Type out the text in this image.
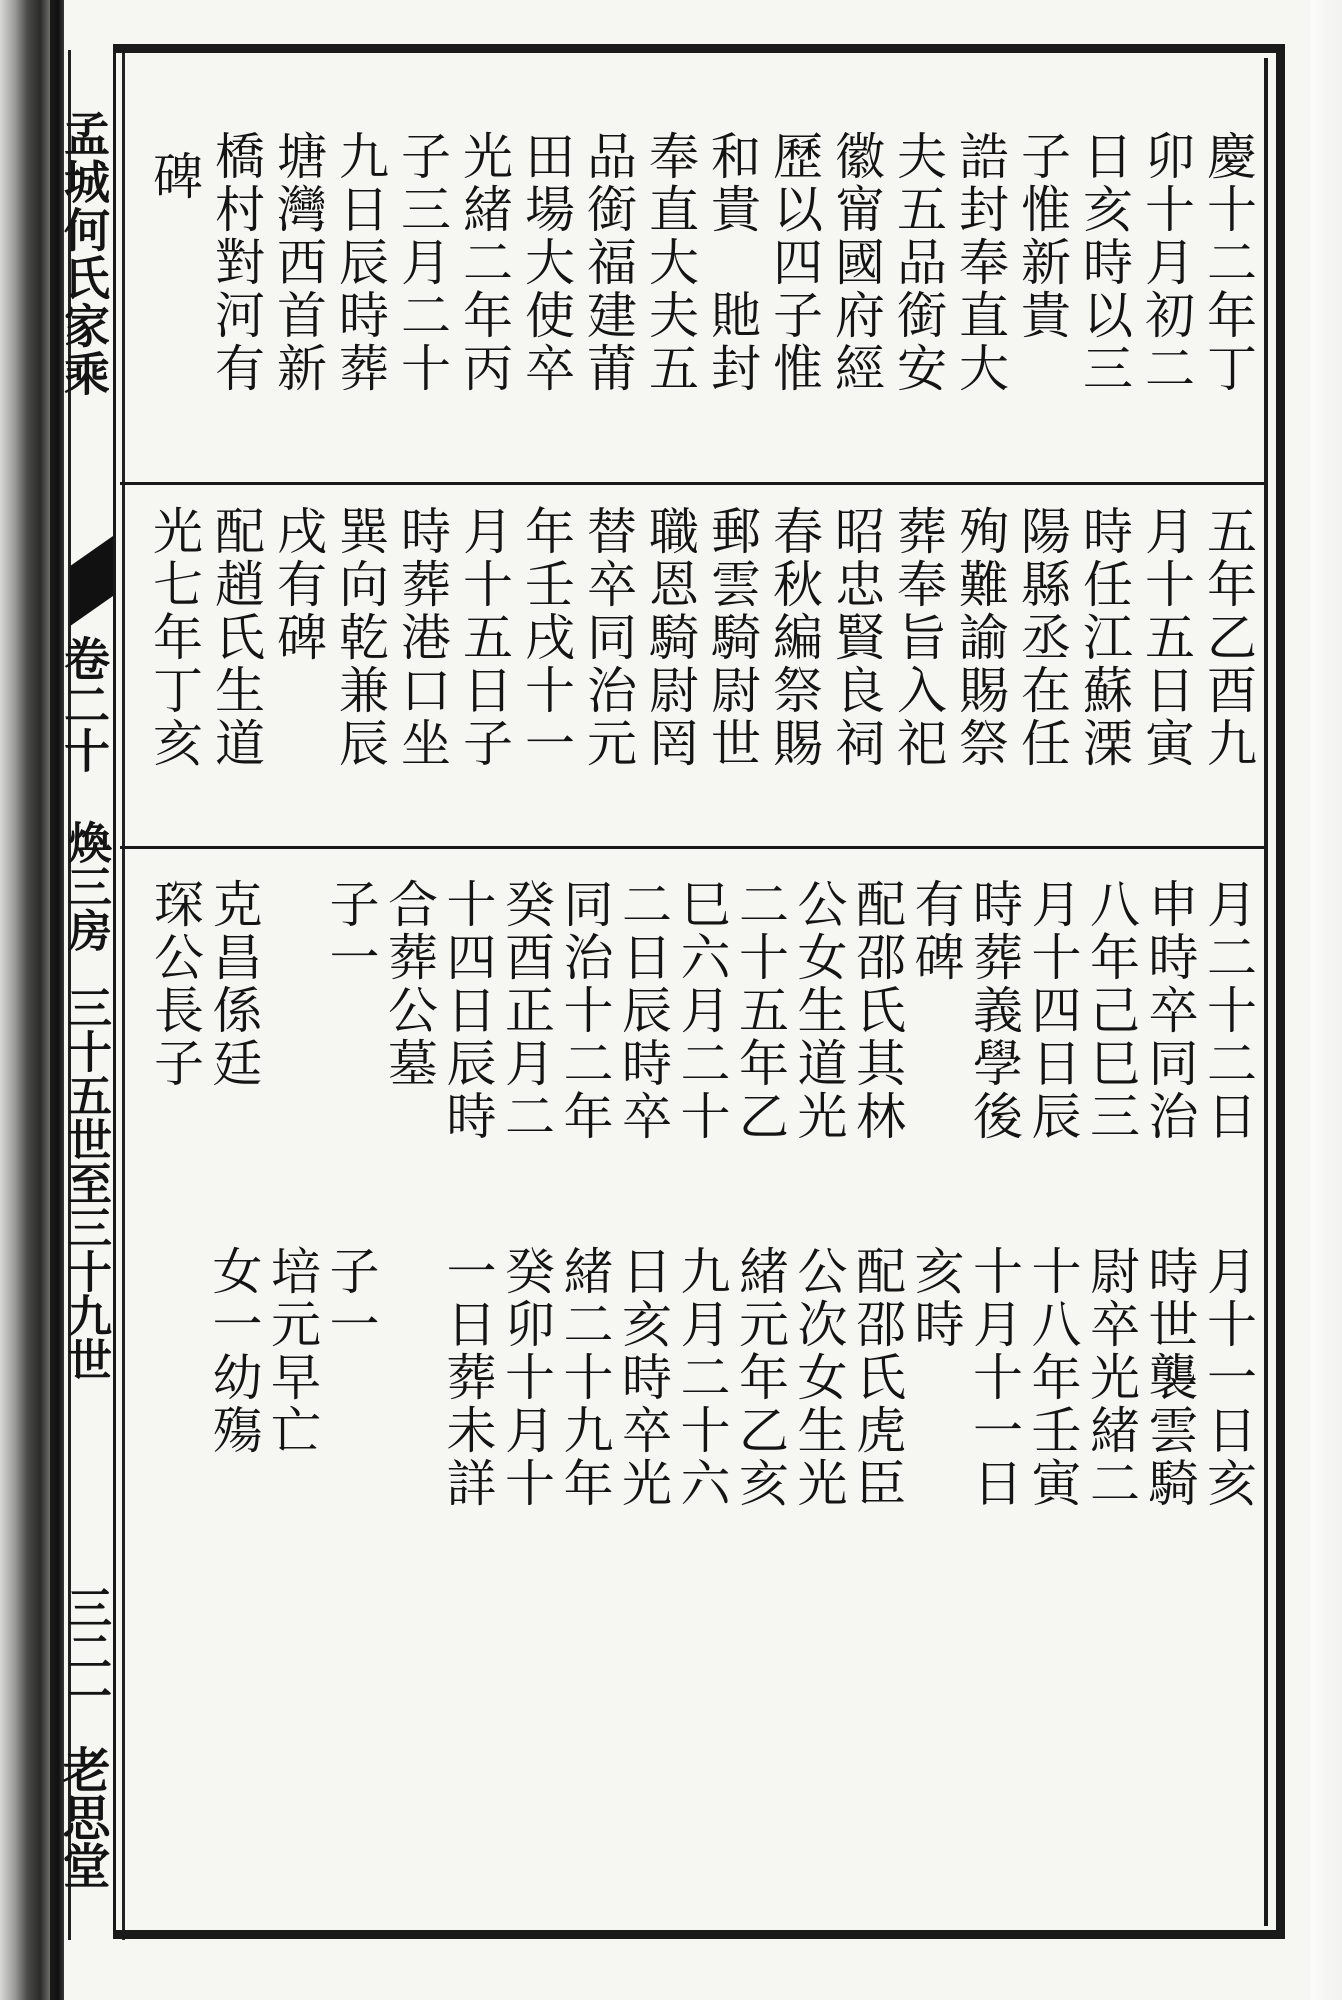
孟城何氏家乘
卷二十
煥三房
三十五世至三十九世
三二一
老思堂
慶十二年丁
卯十月初二
日亥時以三
子惟新貴
誥封奉直大
夫五品銜安
徽甯國府經
歷以四子惟
和貴　貤封
奉直大夫五
品銜福建莆
田場大使卒
光緒二年丙
子三月二十
九日辰時葬
塘灣西首新
橋村對河有
碑
五年乙酉九
月十五日寅
時任江蘇溧
陽縣丞在任
殉難諭賜祭
葬奉旨入祀
昭忠賢良祠
春秋編祭賜
郵雲騎尉世
職恩騎尉罔
替卒同治元
年壬戌十一
月十五日子
時葬港口坐
巽向乾兼辰
戌有碑
配趙氏生道
光七年丁亥
月二十二日
月十一日亥
申時卒同治
時世襲雲騎
八年己巳三
尉卒光緒二
月十四日辰
十八年壬寅
時葬義學後
十月十一日
有碑
亥時
配邵氏其林
配邵氏虎臣
公女生道光
公次女生光
二十五年乙
緒元年乙亥
巳六月二十
九月二十六
二日辰時卒
日亥時卒光
同治十二年
緒二十九年
癸酉正月二
癸卯十月十
十四日辰時
一日葬未詳
合葬公墓
子一
子一
培元早亡
克昌係廷
女一幼殤
琛公長子
